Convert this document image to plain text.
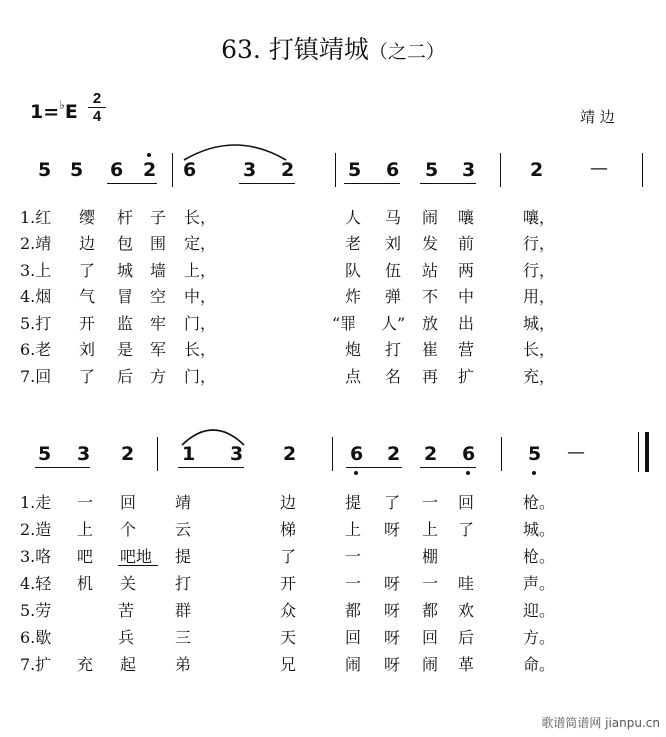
63. 打镇靖城（之二）
1=♭E
2
4	靖 边
5 5 6 2 6 3 2	5 6 5 3	2	—
1.红 缨 杆 子 长，	人 马 闹 嚷	嚷，
2.靖 边 包 围 定，	老 刘 发 前	行，
3.上 了 城 墙 上，	队 伍 站 两	行，
4.烟 气 冒 空 中，	炸 弹 不 中	用，
5.打 开 监 牢 门，	“罪 人” 放 出	城，
6.老 刘 是 军 长，	炮 打 崔 营	长，
7.回 了 后 方 门，	点 名 再 扩	充，
5 3 2	1 3 2	6 2 2 6	5 —
1.走 一 回 靖	边	提 了 一 回	枪。
2.造 上 个 云	梯	上 呀 上 了	城。
3.咯 吧 吧地 提	了	一	棚	枪。
4.轻 机 关 打	开	一 呀 一 哇	声。
5.劳	苦	群	众	都 呀 都 欢	迎。
6.歇	兵	三	天	回 呀 回 后	方。
7.扩 充 起 弟	兄	闹 呀 闹 革	命。
歌谱简谱网 jianpu.cn
